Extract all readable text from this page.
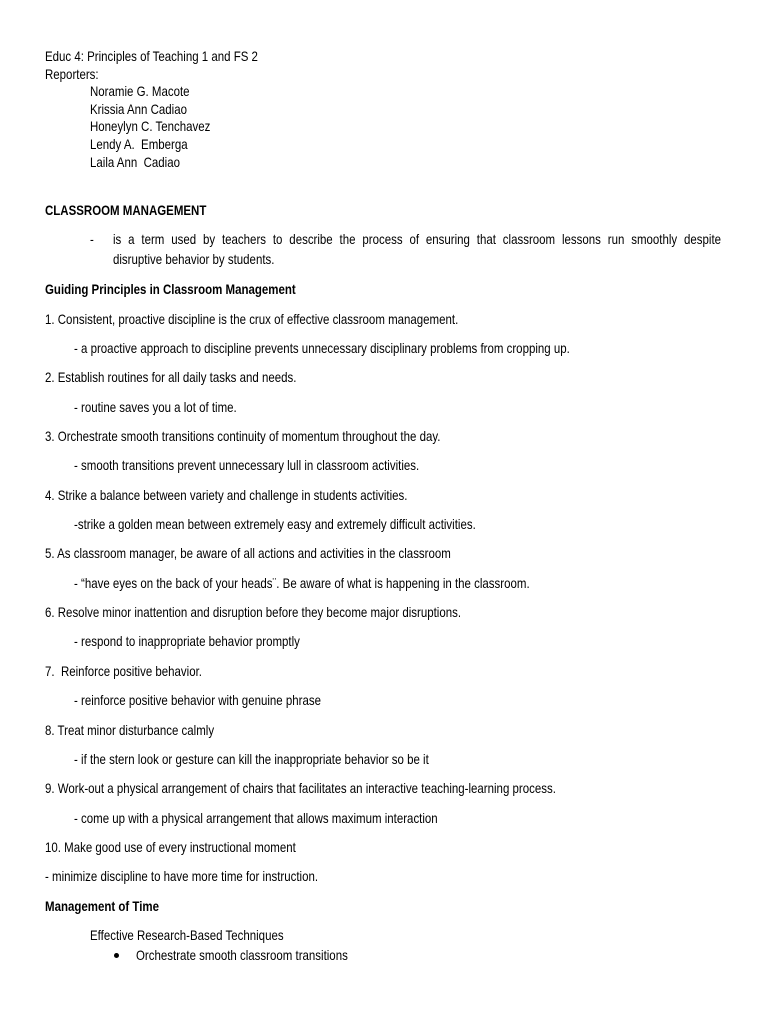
Educ 4: Principles of Teaching 1 and FS 2
Reporters:
Noramie G. Macote
Krissia Ann Cadiao
Honeylyn C. Tenchavez
Lendy A.  Emberga
Laila Ann  Cadiao
CLASSROOM MANAGEMENT
- is a term used by teachers to describe the process of ensuring that classroom lessons run smoothly despite
disruptive behavior by students.
Guiding Principles in Classroom Management
1. Consistent, proactive discipline is the crux of effective classroom management.
- a proactive approach to discipline prevents unnecessary disciplinary problems from cropping up.
2. Establish routines for all daily tasks and needs.
- routine saves you a lot of time.
3. Orchestrate smooth transitions continuity of momentum throughout the day.
- smooth transitions prevent unnecessary lull in classroom activities.
4. Strike a balance between variety and challenge in students activities.
-strike a golden mean between extremely easy and extremely difficult activities.
5. As classroom manager, be aware of all actions and activities in the classroom
- “have eyes on the back of your heads¨. Be aware of what is happening in the classroom.
6. Resolve minor inattention and disruption before they become major disruptions.
- respond to inappropriate behavior promptly
7.  Reinforce positive behavior.
- reinforce positive behavior with genuine phrase
8. Treat minor disturbance calmly
- if the stern look or gesture can kill the inappropriate behavior so be it
9. Work-out a physical arrangement of chairs that facilitates an interactive teaching-learning process.
- come up with a physical arrangement that allows maximum interaction
10. Make good use of every instructional moment
- minimize discipline to have more time for instruction.
Management of Time
Effective Research-Based Techniques
Orchestrate smooth classroom transitions
